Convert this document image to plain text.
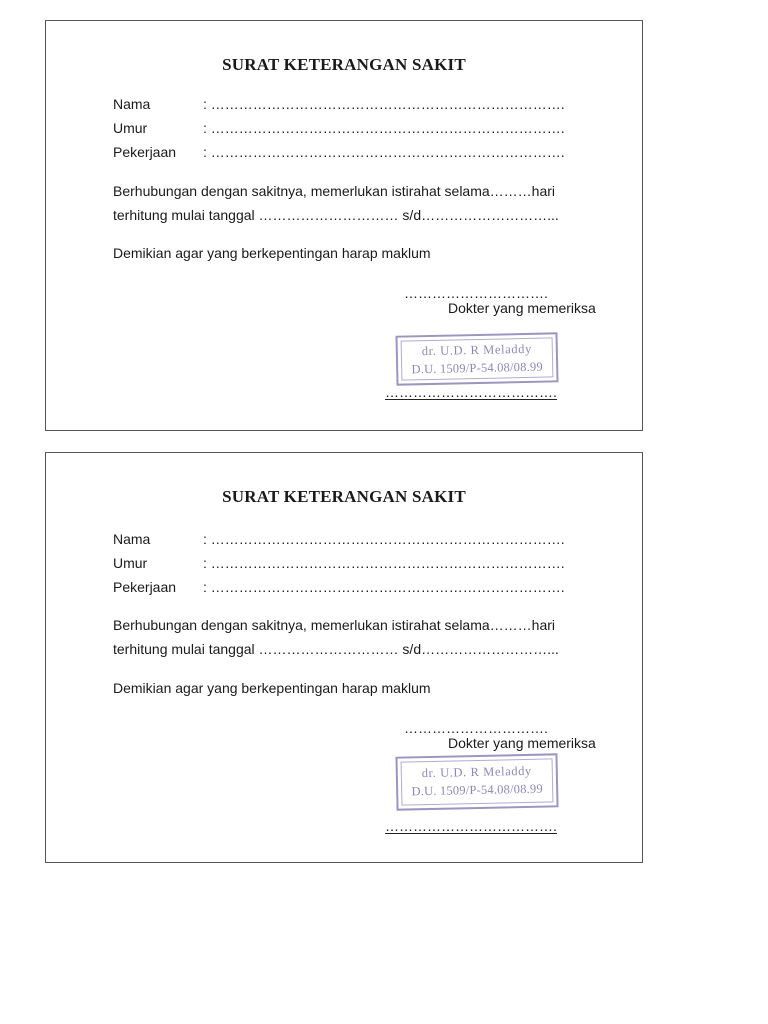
SURAT KETERANGAN SAKIT
Nama	: ………………………………………………………………….
Umur	: ………………………………………………………………….
Pekerjaan : ………………………………………………………………….
Berhubungan dengan sakitnya, memerlukan istirahat selama………hari
terhitung mulai tanggal ………………………… s/d………………………...
Demikian agar yang berkepentingan harap maklum
………………………….
Dokter yang memeriksa
dr. U.D. R Meladdy
D.U. 1509/P-54.08/08.99
……………………………….
SURAT KETERANGAN SAKIT
Nama	: ………………………………………………………………….
Umur	: ………………………………………………………………….
Pekerjaan : ………………………………………………………………….
Berhubungan dengan sakitnya, memerlukan istirahat selama………hari
terhitung mulai tanggal ………………………… s/d………………………...
Demikian agar yang berkepentingan harap maklum
………………………….
Dokter yang memeriksa
dr. U.D. R Meladdy
D.U. 1509/P-54.08/08.99
……………………………….
